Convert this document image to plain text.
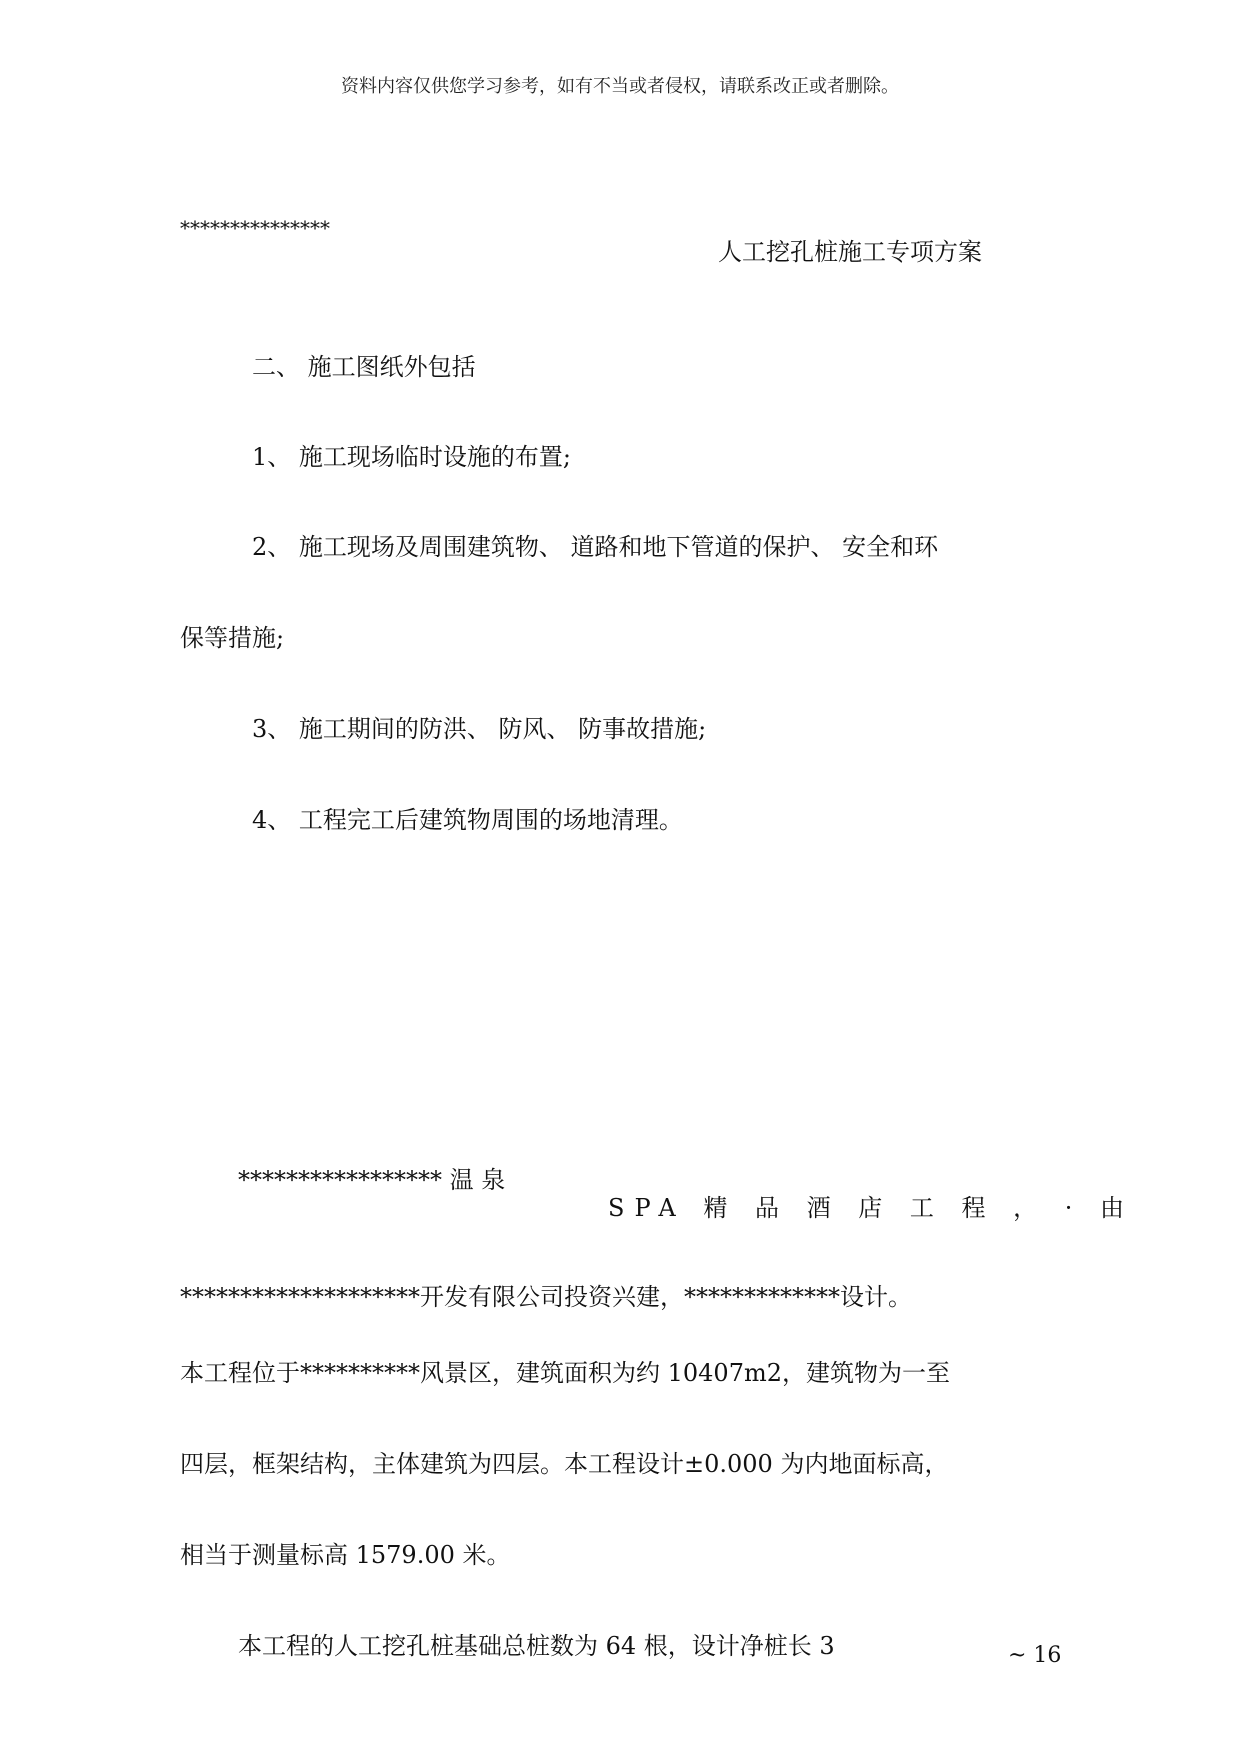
资料内容仅供您学习参考，如有不当或者侵权，请联系改正或者删除。
***************
人工挖孔桩施工专项方案
二、 施工图纸外包括
1、 施工现场临时设施的布置;
2、 施工现场及周围建筑物、 道路和地下管道的保护、 安全和环
保等措施;
3、 施工期间的防洪、 防风、 防事故措施;
4、 工程完工后建筑物周围的场地清理。
***************** 温 泉
SPA 精 品 酒 店 工 程 ， · 由
********************开发有限公司投资兴建，*************设计。
本工程位于**********风景区，建筑面积为约 10407m2，建筑物为一至
四层，框架结构，主体建筑为四层。本工程设计±0.000 为内地面标高，
相当于测量标高 1579.00 米。
本工程的人工挖孔桩基础总桩数为 64 根，设计净桩长 3	~ 16
